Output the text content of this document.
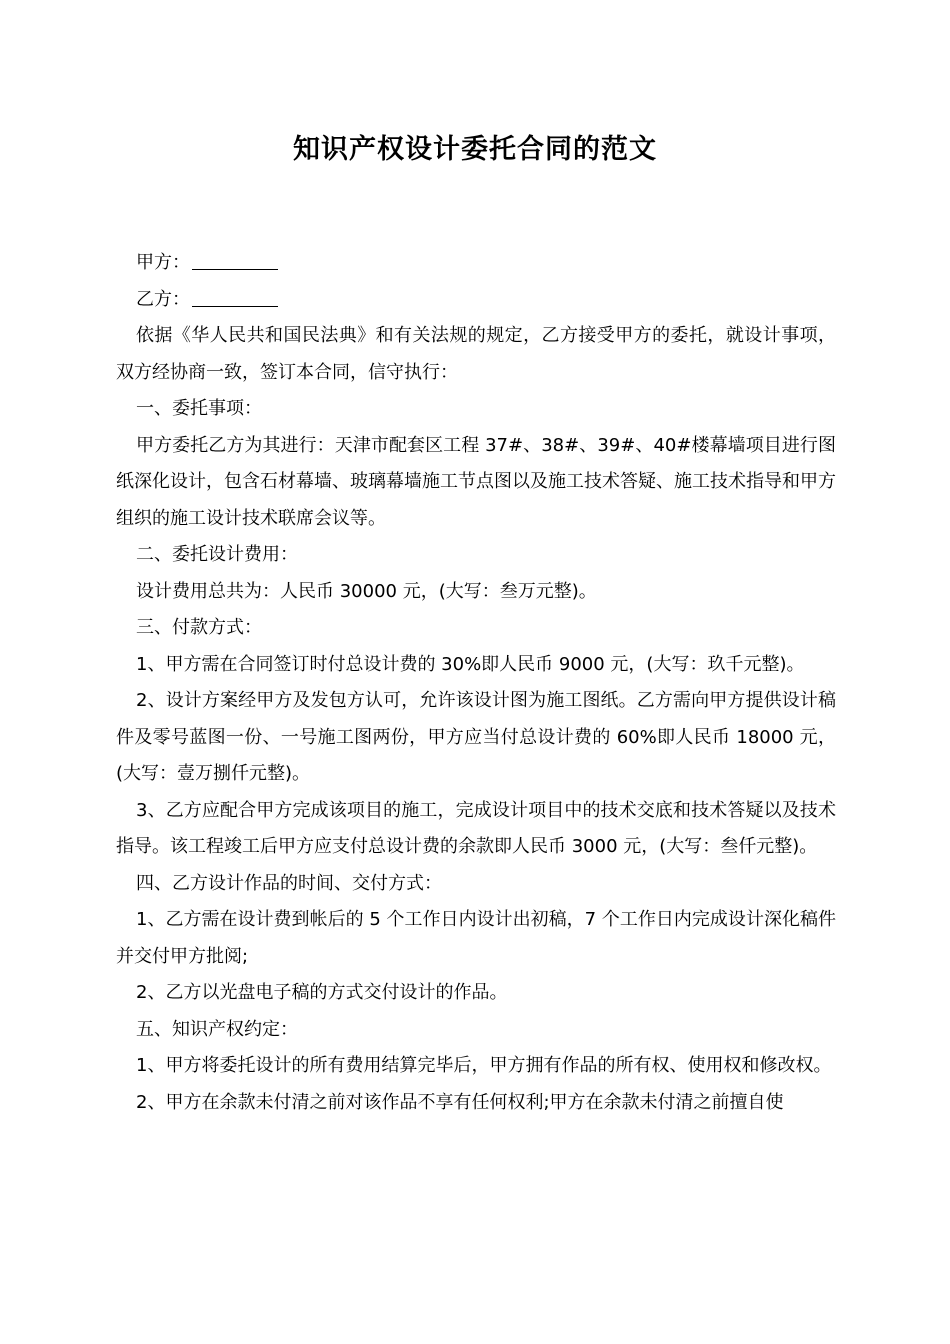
知识产权设计委托合同的范文

甲方：

乙方：

依据《华人民共和国民法典》和有关法规的规定，乙方接受甲方的委托，就设计事项，双方经协商一致，签订本合同，信守执行：

一、委托事项：

甲方委托乙方为其进行：天津市配套区工程 37#、38#、39#、40#楼幕墙项目进行图纸深化设计，包含石材幕墙、玻璃幕墙施工节点图以及施工技术答疑、施工技术指导和甲方组织的施工设计技术联席会议等。

二、委托设计费用：

设计费用总共为：人民币 30000 元，(大写：叁万元整)。

三、付款方式：

1、甲方需在合同签订时付总设计费的 30%即人民币 9000 元，(大写：玖千元整)。

2、设计方案经甲方及发包方认可，允许该设计图为施工图纸。乙方需向甲方提供设计稿件及零号蓝图一份、一号施工图两份，甲方应当付总设计费的 60%即人民币 18000 元，(大写：壹万捌仟元整)。

3、乙方应配合甲方完成该项目的施工，完成设计项目中的技术交底和技术答疑以及技术指导。该工程竣工后甲方应支付总设计费的余款即人民币 3000 元，(大写：叁仟元整)。

四、乙方设计作品的时间、交付方式：

1、乙方需在设计费到帐后的 5 个工作日内设计出初稿，7 个工作日内完成设计深化稿件并交付甲方批阅;

2、乙方以光盘电子稿的方式交付设计的作品。

五、知识产权约定：

1、甲方将委托设计的所有费用结算完毕后，甲方拥有作品的所有权、使用权和修改权。

2、甲方在余款未付清之前对该作品不享有任何权利;甲方在余款未付清之前擅自使
